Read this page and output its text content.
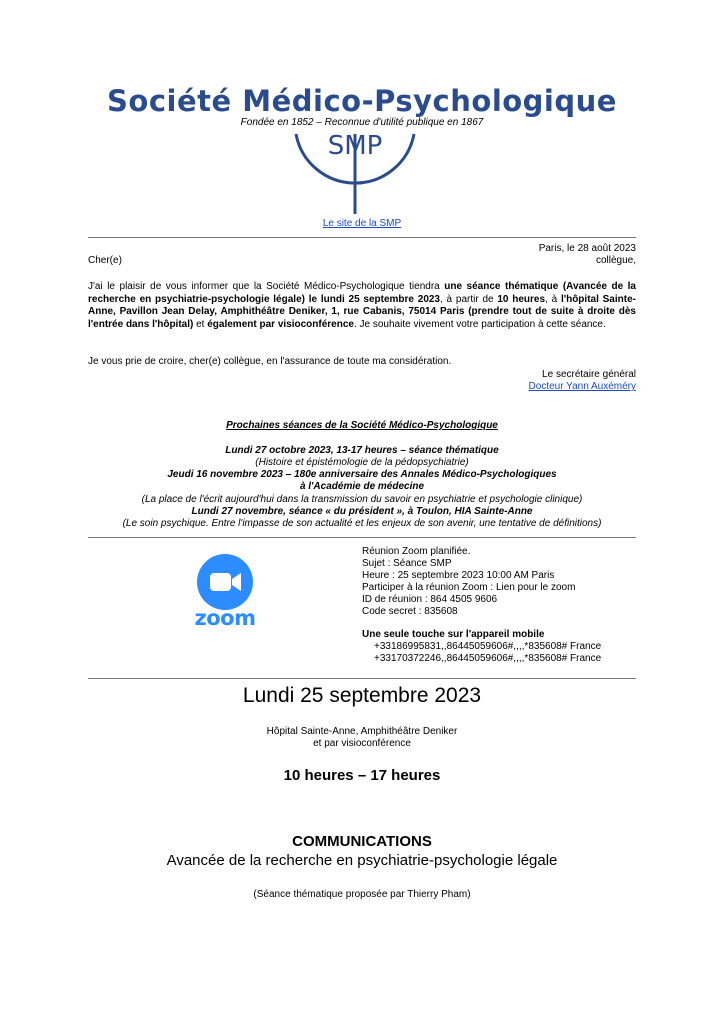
Société Médico-Psychologique
Fondée en 1852 – Reconnue d'utilité publique en 1867
SMP
Le site de la SMP
Paris, le 28 août 2023
Cher(e)	collègue,
J'ai le plaisir de vous informer que la Société Médico-Psychologique tiendra une séance thématique (Avancée de la recherche en psychiatrie-psychologie légale) le lundi 25 septembre 2023, à partir de 10 heures, à l'hôpital Sainte-Anne, Pavillon Jean Delay, Amphithéâtre Deniker, 1, rue Cabanis, 75014 Paris (prendre tout de suite à droite dès l'entrée dans l'hôpital) et également par visioconférence. Je souhaite vivement votre participation à cette séance.
Je vous prie de croire, cher(e) collègue, en l'assurance de toute ma considération.
Le secrétaire général
Docteur Yann Auxéméry
Prochaines séances de la Société Médico-Psychologique
Lundi 27 octobre 2023, 13-17 heures – séance thématique
(Histoire et épistémologie de la pédopsychiatrie)
Jeudi 16 novembre 2023 – 180e anniversaire des Annales Médico-Psychologiques
à l'Académie de médecine
(La place de l'écrit aujourd'hui dans la transmission du savoir en psychiatrie et psychologie clinique)
Lundi 27 novembre, séance « du président », à Toulon, HIA Sainte-Anne
(Le soin psychique. Entre l'impasse de son actualité et les enjeux de son avenir, une tentative de définitions)
zoom
Réunion Zoom planifiée.
Sujet : Séance SMP
Heure : 25 septembre 2023 10:00 AM Paris
Participer à la réunion Zoom : Lien pour le zoom
ID de réunion : 864 4505 9606
Code secret : 835608
Une seule touche sur l'appareil mobile
+33186995831,,86445059606#,,,,*835608# France
+33170372246,,86445059606#,,,,*835608# France
Lundi 25 septembre 2023
Hôpital Sainte-Anne, Amphithéâtre Deniker
et par visioconférence
10 heures – 17 heures
COMMUNICATIONS
Avancée de la recherche en psychiatrie-psychologie légale
(Séance thématique proposée par Thierry Pham)
